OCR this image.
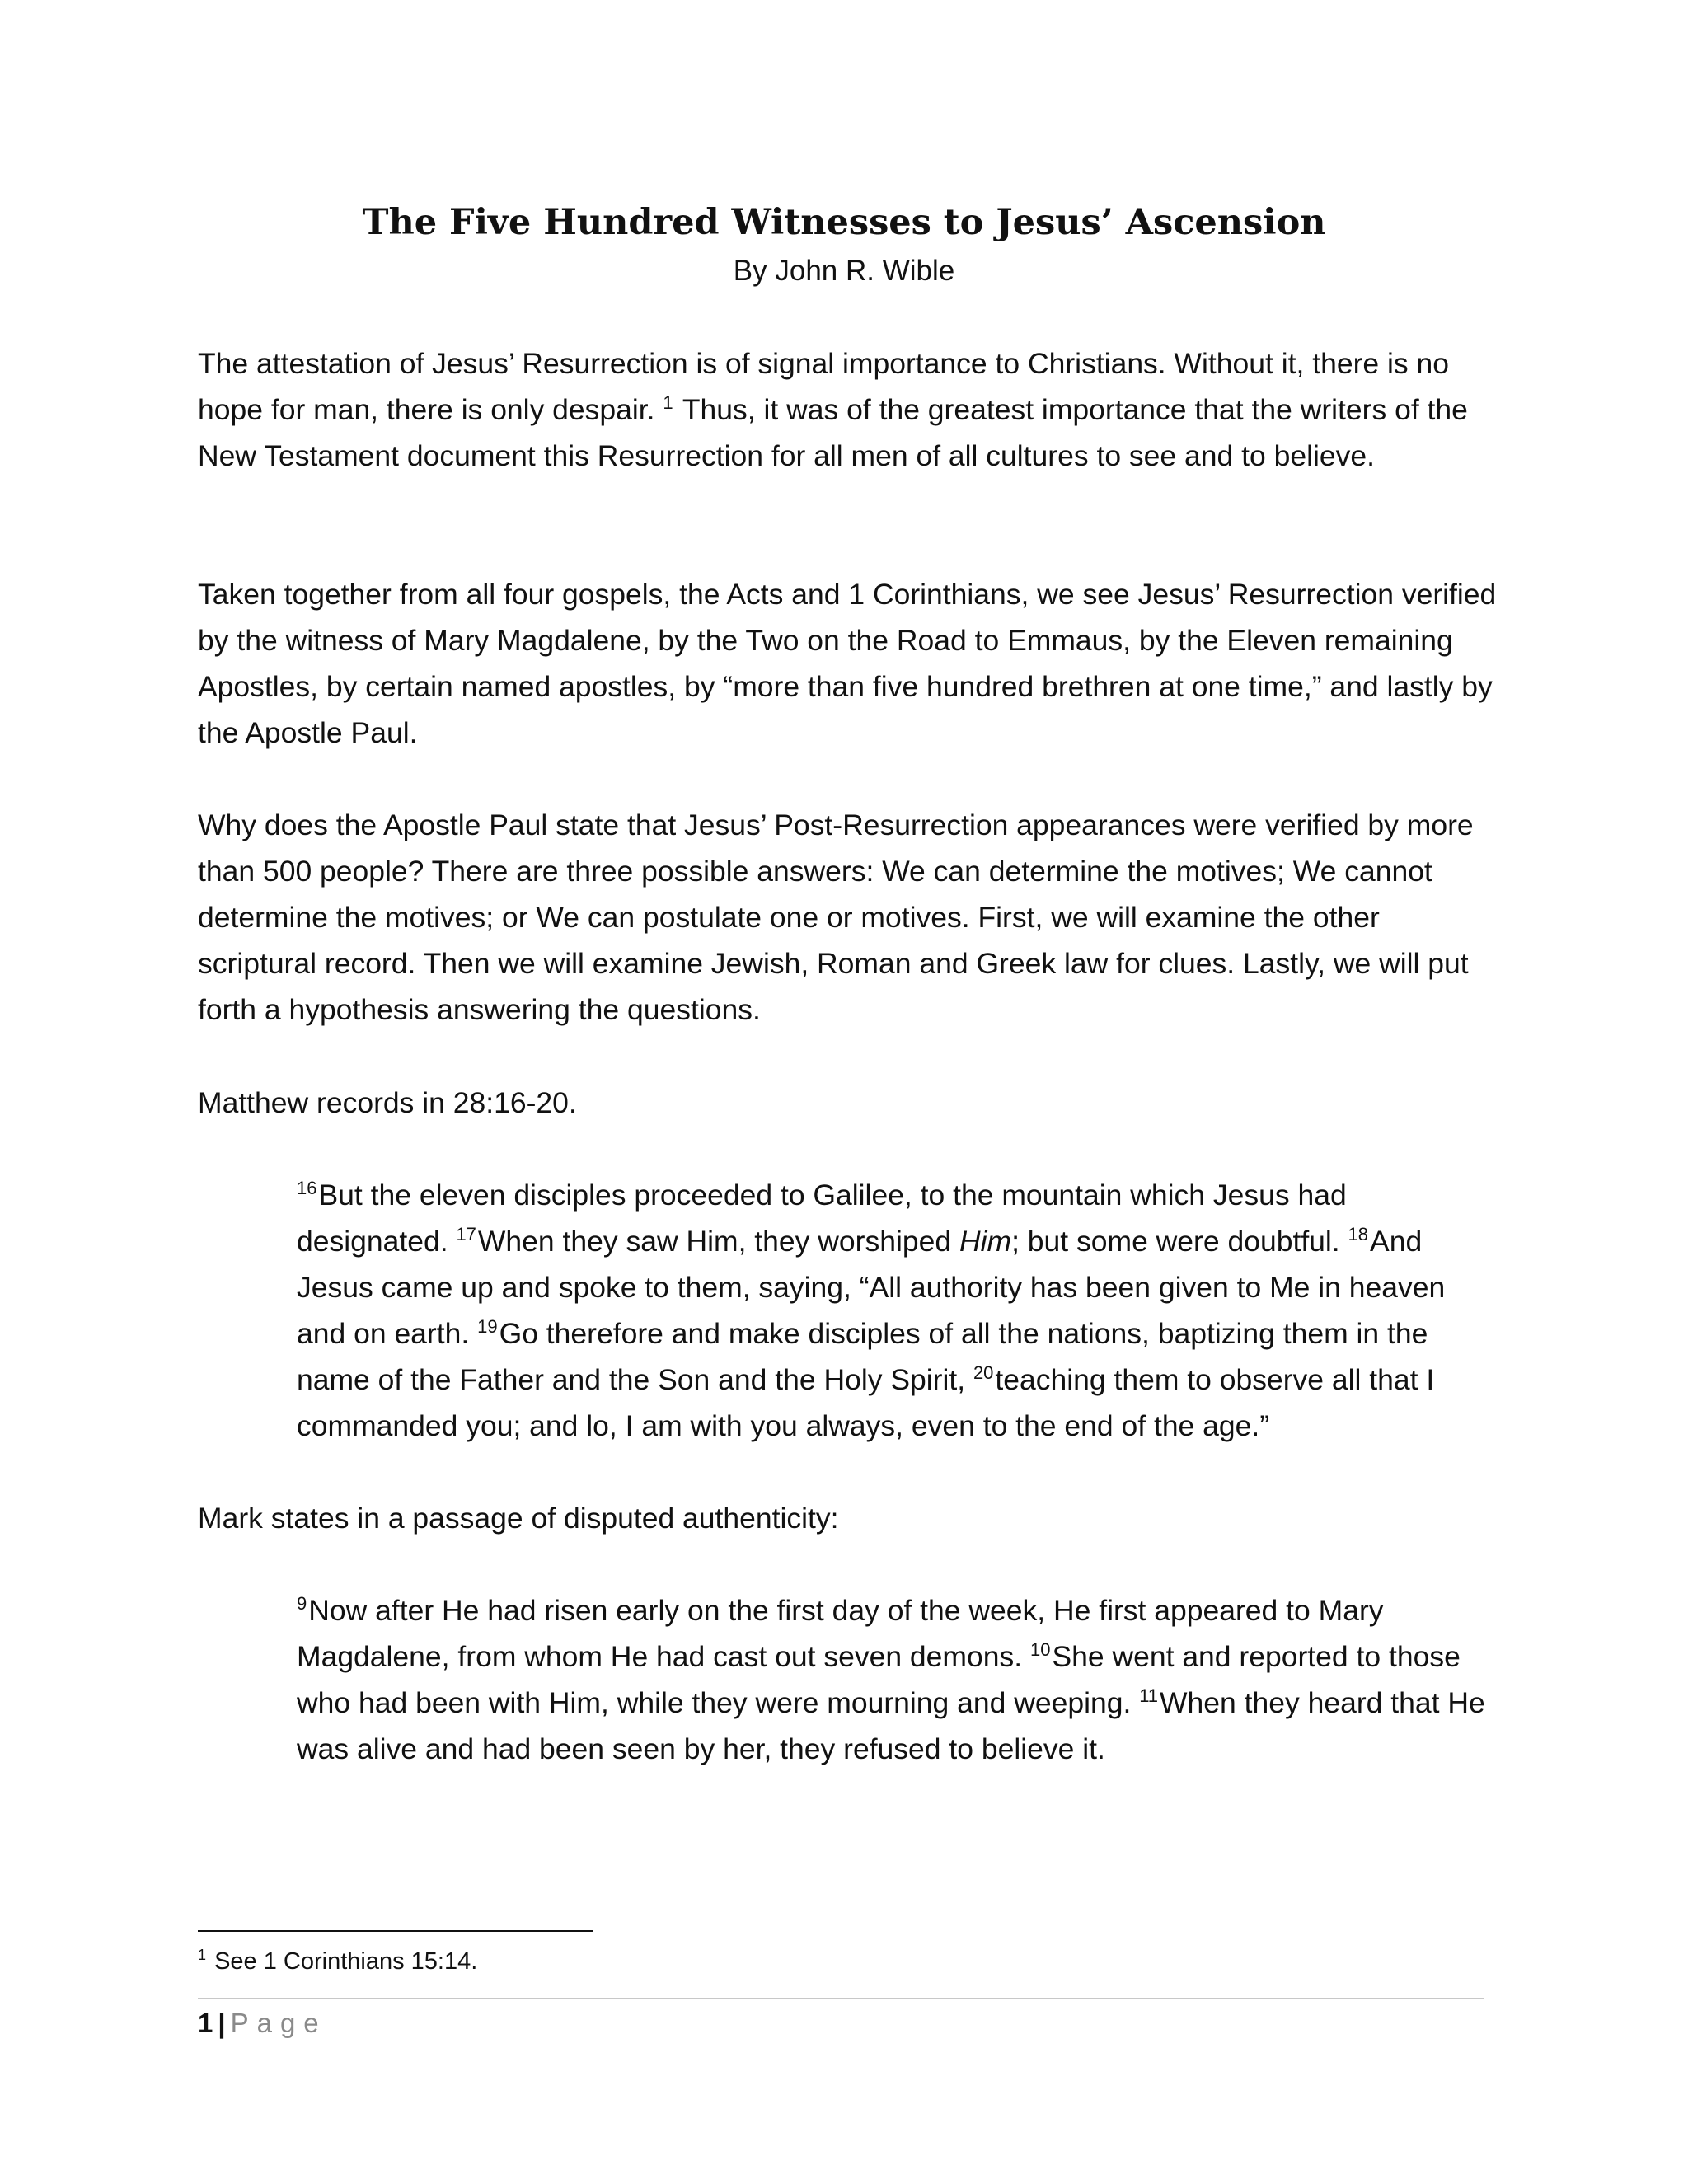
The Five Hundred Witnesses to Jesus’ Ascension

By John R. Wible

The attestation of Jesus’ Resurrection is of signal importance to Christians. Without it, there is no hope for man, there is only despair. $^1$ Thus, it was of the greatest importance that the writers of the New Testament document this Resurrection for all men of all cultures to see and to believe.

Taken together from all four gospels, the Acts and 1 Corinthians, we see Jesus’ Resurrection verified by the witness of Mary Magdalene, by the Two on the Road to Emmaus, by the Eleven remaining Apostles, by certain named apostles, by “more than five hundred brethren at one time,” and lastly by the Apostle Paul.

Why does the Apostle Paul state that Jesus’ Post-Resurrection appearances were verified by more than 500 people? There are three possible answers: We can determine the motives; We cannot determine the motives; or We can postulate one or motives. First, we will examine the other scriptural record. Then we will examine Jewish, Roman and Greek law for clues. Lastly, we will put forth a hypothesis answering the questions.

Matthew records in 28:16-20.

$^{16}$But the eleven disciples proceeded to Galilee, to the mountain which Jesus had designated. $^{17}$When they saw Him, they worshiped Him; but some were doubtful. $^{18}$And Jesus came up and spoke to them, saying, “All authority has been given to Me in heaven and on earth. $^{19}$Go therefore and make disciples of all the nations, baptizing them in the name of the Father and the Son and the Holy Spirit, $^{20}$teaching them to observe all that I commanded you; and lo, I am with you always, even to the end of the age.”

Mark states in a passage of disputed authenticity:

$^9$Now after He had risen early on the first day of the week, He first appeared to Mary Magdalene, from whom He had cast out seven demons. $^{10}$She went and reported to those who had been with Him, while they were mourning and weeping. $^{11}$When they heard that He was alive and had been seen by her, they refused to believe it.

$^1$ See 1 Corinthians 15:14.

1 | Page
